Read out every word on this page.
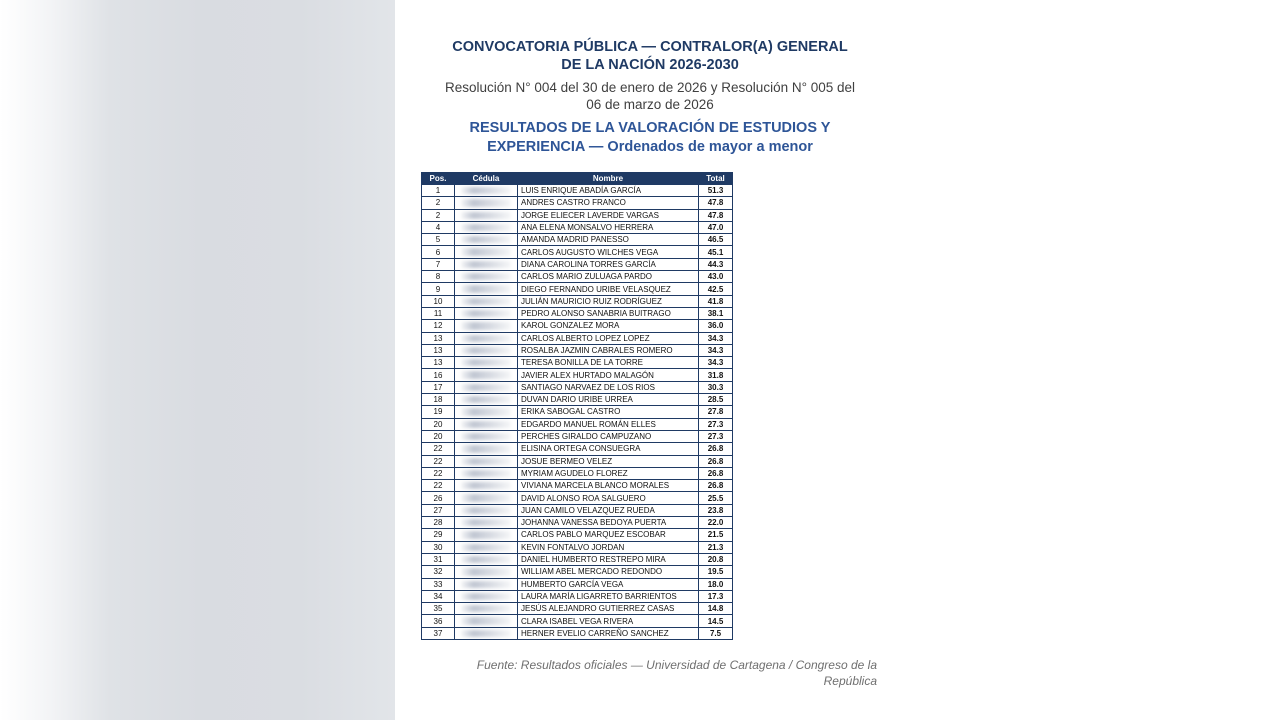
CONVOCATORIA PÚBLICA — CONTRALOR(A) GENERAL
DE LA NACIÓN 2026-2030
Resolución N° 004 del 30 de enero de 2026 y Resolución N° 005 del
06 de marzo de 2026
RESULTADOS DE LA VALORACIÓN DE ESTUDIOS Y
EXPERIENCIA — Ordenados de mayor a menor
Pos.	Cédula	Nombre	Total
1		LUIS ENRIQUE ABADÍA GARCÍA	51.3
2		ANDRES CASTRO FRANCO	47.8
2		JORGE ELIECER LAVERDE VARGAS	47.8
4		ANA ELENA MONSALVO HERRERA	47.0
5		AMANDA MADRID PANESSO	46.5
6		CARLOS AUGUSTO WILCHES VEGA	45.1
7		DIANA CAROLINA TORRES GARCÍA	44.3
8		CARLOS MARIO ZULUAGA PARDO	43.0
9		DIEGO FERNANDO URIBE VELASQUEZ	42.5
10		JULIÁN MAURICIO RUIZ RODRÍGUEZ	41.8
11		PEDRO ALONSO SANABRIA BUITRAGO	38.1
12		KAROL GONZALEZ MORA	36.0
13		CARLOS ALBERTO LOPEZ LOPEZ	34.3
13		ROSALBA JAZMIN CABRALES ROMERO	34.3
13		TERESA BONILLA DE LA TORRE	34.3
16		JAVIER ALEX HURTADO MALAGÓN	31.8
17		SANTIAGO NARVAEZ DE LOS RIOS	30.3
18		DUVAN DARIO URIBE URREA	28.5
19		ERIKA SABOGAL CASTRO	27.8
20		EDGARDO MANUEL ROMÁN ELLES	27.3
20		PERCHES GIRALDO CAMPUZANO	27.3
22		ELISINA ORTEGA CONSUEGRA	26.8
22		JOSUE BERMEO VELEZ	26.8
22		MYRIAM AGUDELO FLOREZ	26.8
22		VIVIANA MARCELA BLANCO MORALES	26.8
26		DAVID ALONSO ROA SALGUERO	25.5
27		JUAN CAMILO VELAZQUEZ RUEDA	23.8
28		JOHANNA VANESSA BEDOYA PUERTA	22.0
29		CARLOS PABLO MARQUEZ ESCOBAR	21.5
30		KEVIN FONTALVO JORDAN	21.3
31		DANIEL HUMBERTO RESTREPO MIRA	20.8
32		WILLIAM ABEL MERCADO REDONDO	19.5
33		HUMBERTO GARCÍA VEGA	18.0
34		LAURA MARÍA LIGARRETO BARRIENTOS	17.3
35		JESÚS ALEJANDRO GUTIERREZ CASAS	14.8
36		CLARA ISABEL VEGA RIVERA	14.5
37		HERNER EVELIO CARREÑO SANCHEZ	7.5
Fuente: Resultados oficiales — Universidad de Cartagena / Congreso de la
República
